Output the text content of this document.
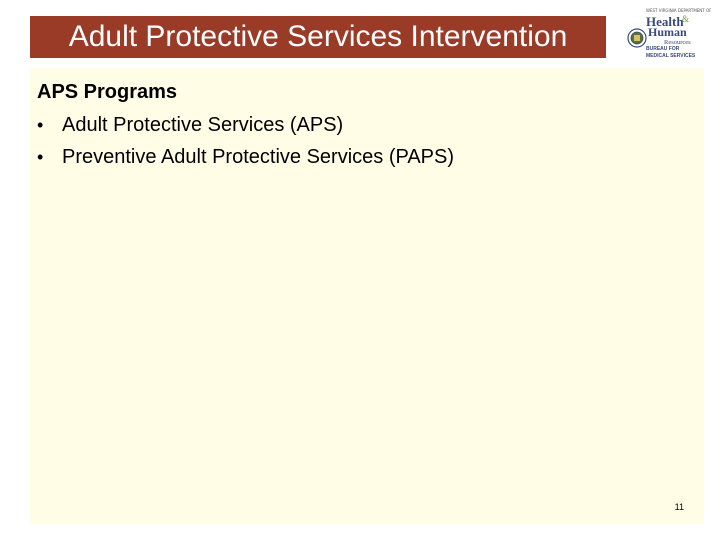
Adult Protective Services Intervention
WEST VIRGINIA DEPARTMENT OF
Health
&
Human
Resources
BUREAU FOR
MEDICAL SERVICES
APS Programs
• Adult Protective Services (APS)
• Preventive Adult Protective Services (PAPS)
11
